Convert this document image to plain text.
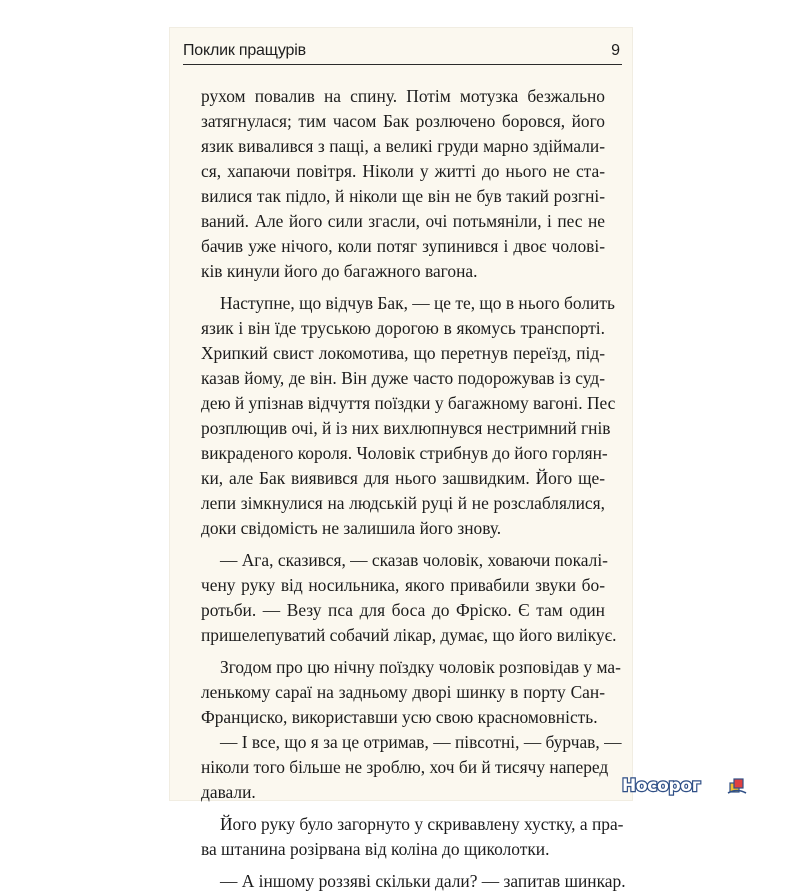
Поклик пращурів	9
рухом повалив на спину. Потім мотузка безжально
затягнулася; тим часом Бак розлючено боровся, його
язик вивалився з пащі, а великі груди марно здіймали-
ся, хапаючи повітря. Ніколи у житті до нього не ста-
вилися так підло, й ніколи ще він не був такий розгні-
ваний. Але його сили згасли, очі потьмяніли, і пес не
бачив уже нічого, коли потяг зупинився і двоє чолові-
ків кинули його до багажного вагона.
Наступне, що відчув Бак, — це те, що в нього болить
язик і він їде труською дорогою в якомусь транспорті.
Хрипкий свист локомотива, що перетнув переїзд, під-
казав йому, де він. Він дуже часто подорожував із суд-
дею й упізнав відчуття поїздки у багажному вагоні. Пес
розплющив очі, й із них вихлюпнувся нестримний гнів
викраденого короля. Чоловік стрибнув до його горлян-
ки, але Бак виявився для нього зашвидким. Його ще-
лепи зімкнулися на людській руці й не розслаблялися,
доки свідомість не залишила його знову.
— Ага, сказився, — сказав чоловік, ховаючи покалі-
чену руку від носильника, якого привабили звуки бо-
ротьби. — Везу пса для боса до Фріско. Є там один
пришелепуватий собачий лікар, думає, що його вилікує.
Згодом про цю нічну поїздку чоловік розповідав у ма-
ленькому сараї на задньому дворі шинку в порту Сан-
Франциско, використавши усю свою красномовність.
— І все, що я за це отримав, — півсотні, — бурчав, —
ніколи того більше не зроблю, хоч би й тисячу наперед
давали.
Його руку було загорнуто у скривавлену хустку, а пра-
ва штанина розірвана від коліна до щиколотки.
— А іншому роззяві скільки дали? — запитав шинкар.
Носорог
